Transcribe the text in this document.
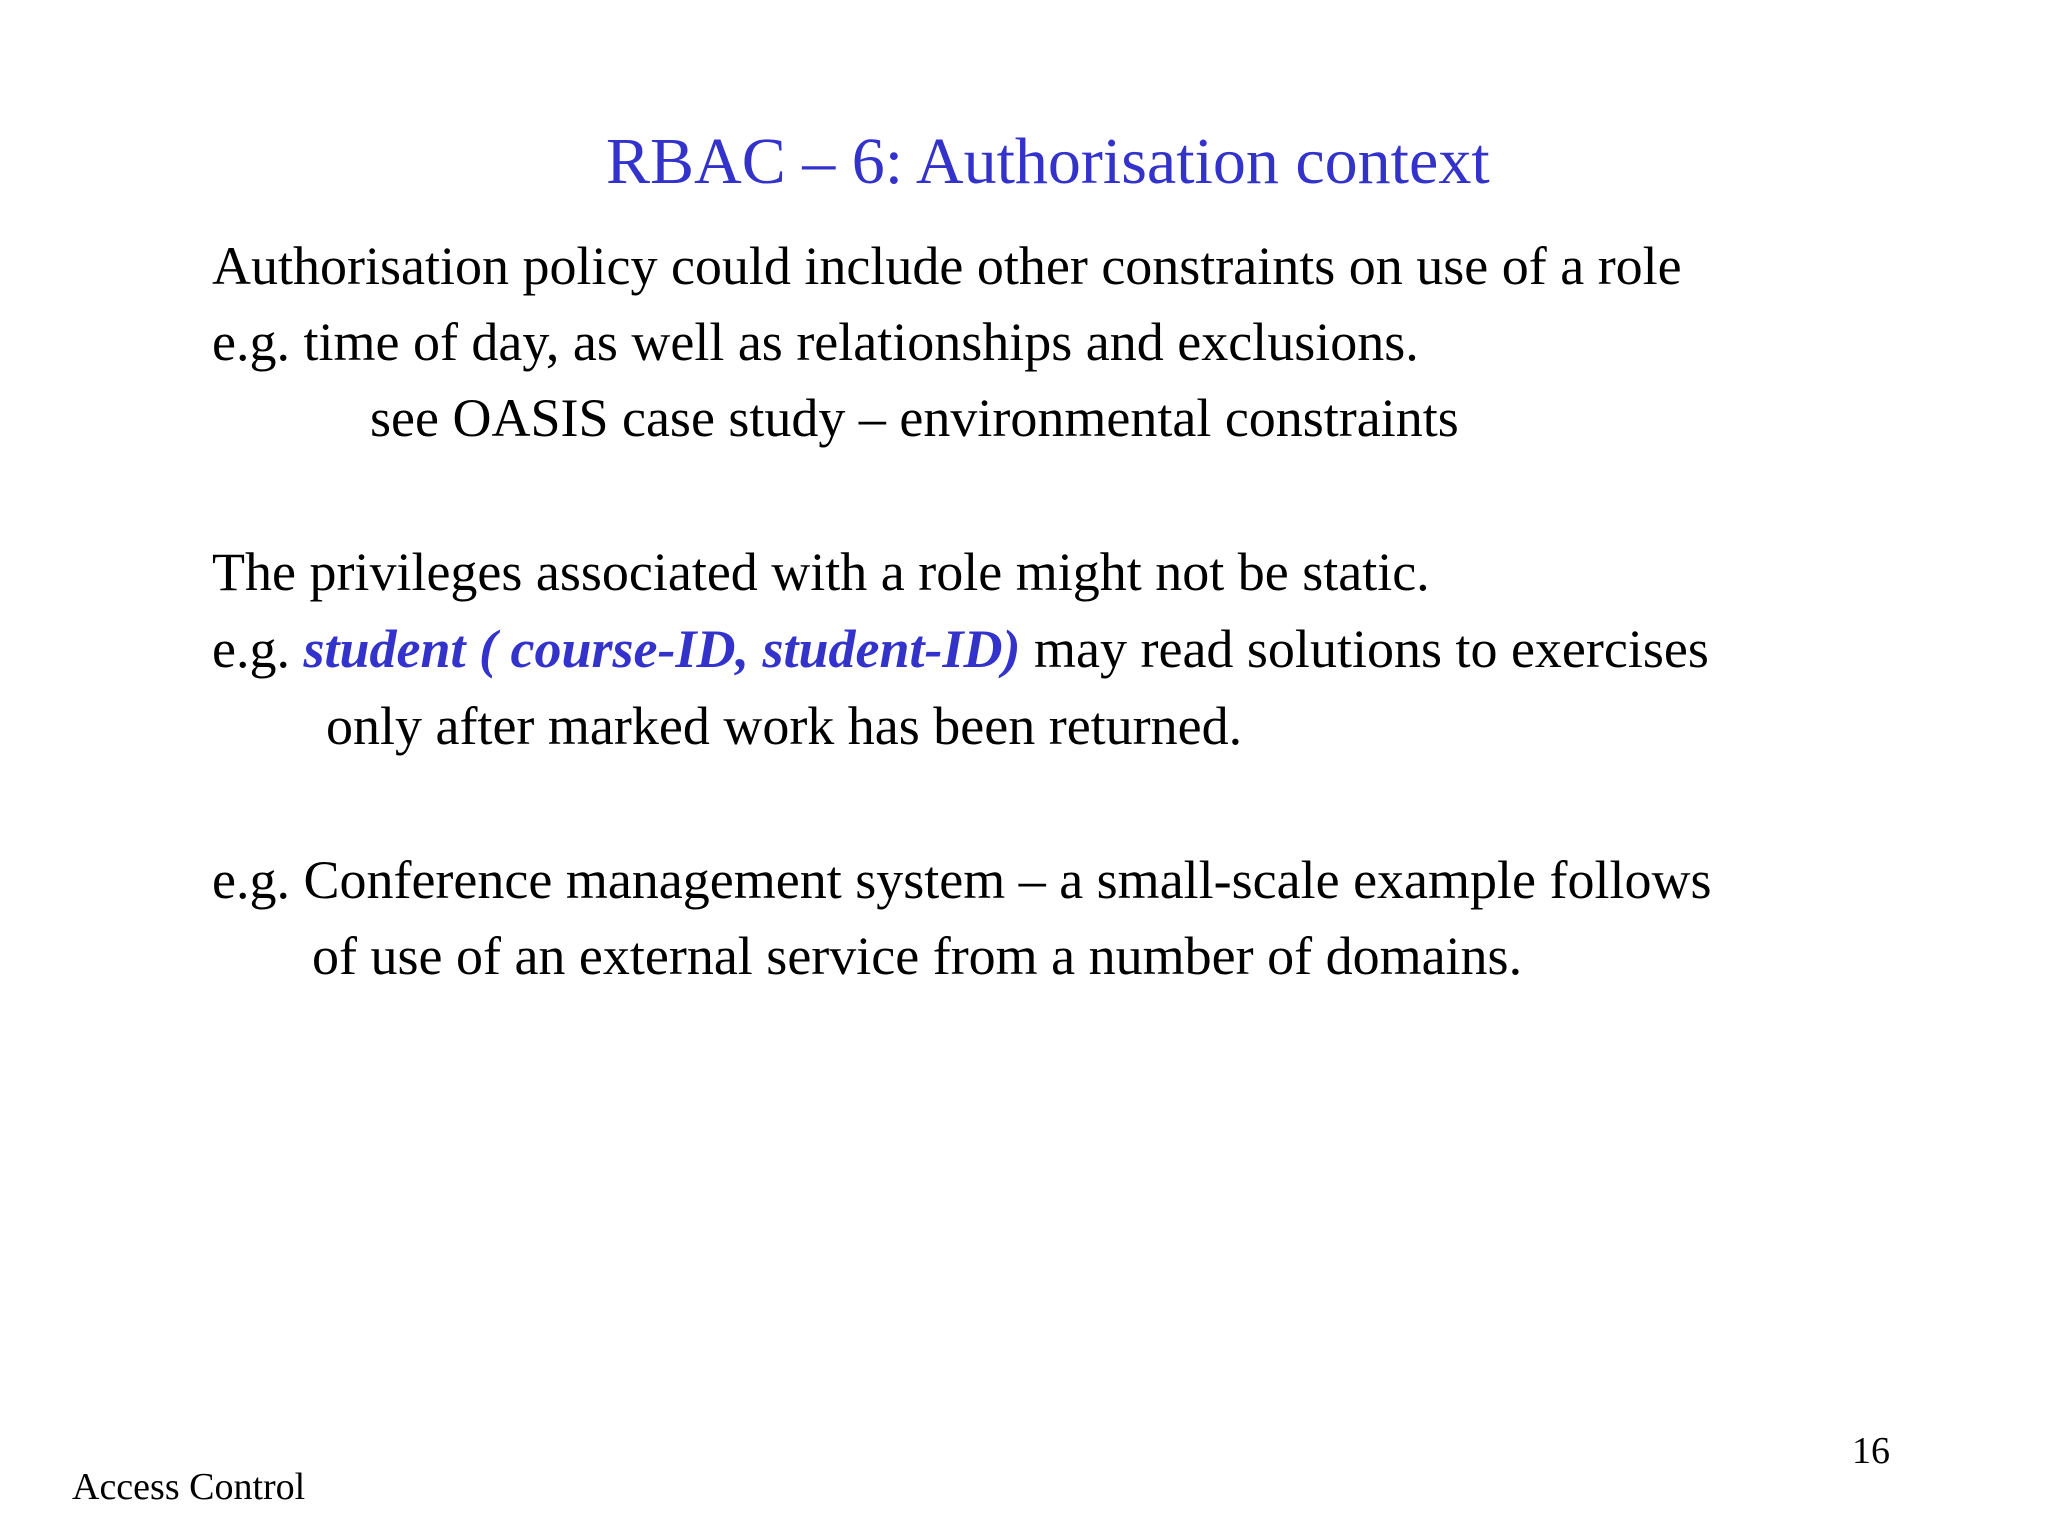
RBAC – 6: Authorisation context
Authorisation policy could include other constraints on use of a role
e.g. time of day, as well as relationships and exclusions.
see OASIS case study – environmental constraints
The privileges associated with a role might not be static.
e.g. student ( course-ID, student-ID) may read solutions to exercises
only after marked work has been returned.
e.g. Conference management system – a small-scale example follows
of use of an external service from a number of domains.
Access Control
16
